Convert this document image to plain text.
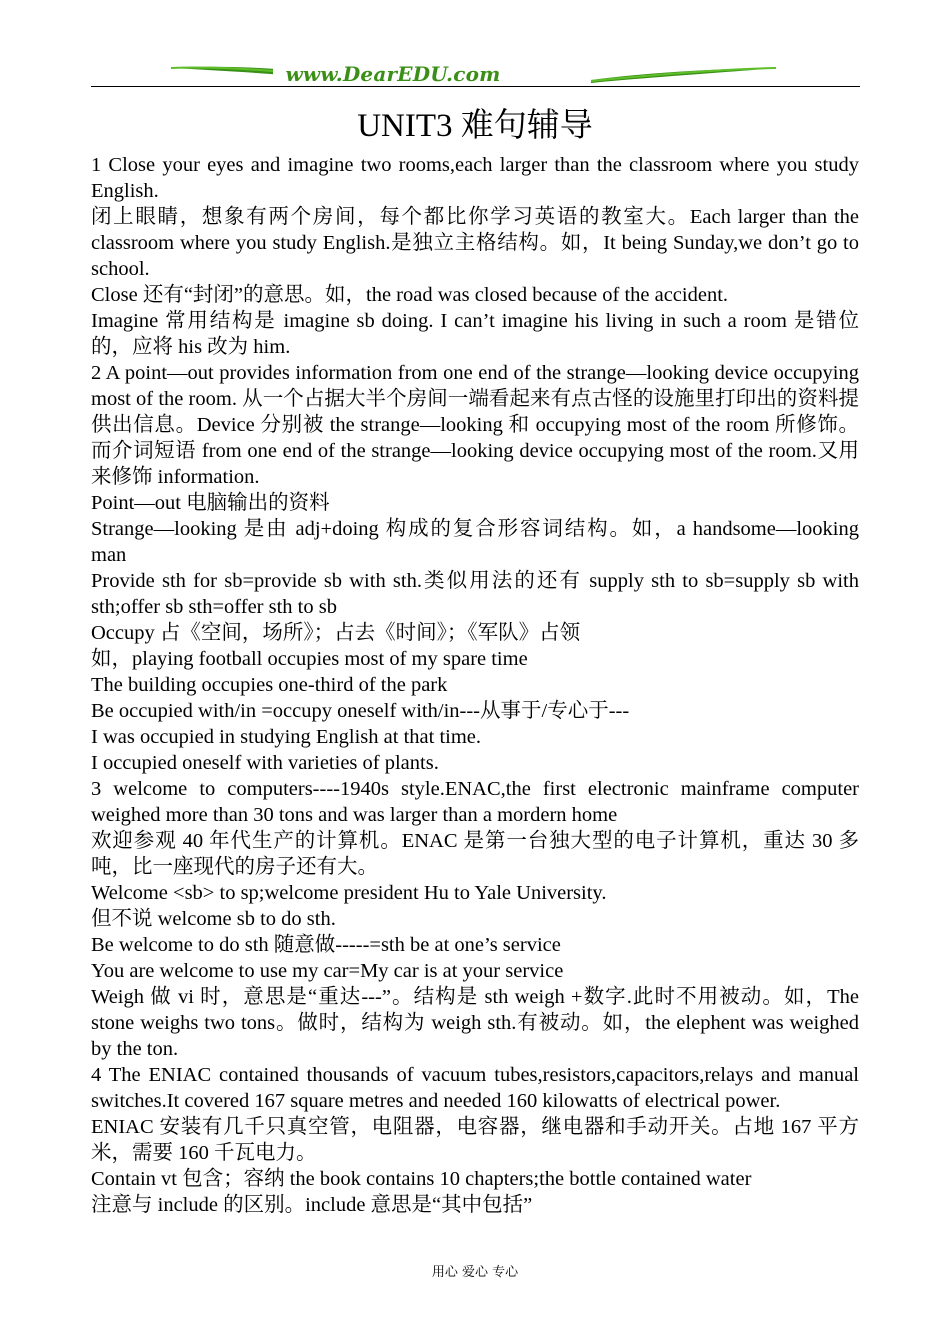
www.DearEDU.com
UNIT3 难句辅导

1 Close your eyes and imagine two rooms,each larger than the classroom where you study English.

闭上眼睛，想象有两个房间，每个都比你学习英语的教室大。Each larger than the classroom where you study English.是独立主格结构。如，It being Sunday,we don’t go to school.

Close 还有“封闭”的意思。如，the road was closed because of the accident.

Imagine 常用结构是 imagine sb doing. I can’t imagine his living in such a room 是错位的，应将 his 改为 him.

2 A point—out provides information from one end of the strange—looking device occupying most of the room. 从一个占据大半个房间一端看起来有点古怪的设施里打印出的资料提供出信息。Device 分别被 the strange—looking 和 occupying most of the room 所修饰。而介词短语 from one end of the strange—looking device occupying most of the room.又用来修饰 information.

Point—out 电脑输出的资料

Strange—looking 是由 adj+doing 构成的复合形容词结构。如，a handsome—looking man

Provide sth for sb=provide sb with sth.类似用法的还有 supply sth to sb=supply sb with sth;offer sb sth=offer sth to sb

Occupy 占《空间，场所》；占去《时间》；《军队》占领

如，playing football occupies most of my spare time

The building occupies one-third of the park

Be occupied with/in =occupy oneself with/in---从事于/专心于---

I was occupied in studying English at that time.

I occupied oneself with varieties of plants.

3 welcome to computers----1940s style.ENAC,the first electronic mainframe computer weighed more than 30 tons and was larger than a mordern home

欢迎参观 40 年代生产的计算机。ENAC 是第一台独大型的电子计算机，重达 30 多吨，比一座现代的房子还有大。

Welcome <sb> to sp;welcome president Hu to Yale University.

但不说 welcome sb to do sth.

Be welcome to do sth 随意做-----=sth be at one’s service

You are welcome to use my car=My car is at your service

Weigh 做 vi 时，意思是“重达---”。结构是 sth weigh +数字.此时不用被动。如，The stone weighs two tons。做时，结构为 weigh sth.有被动。如，the elephent was weighed by the ton.

4 The ENIAC contained thousands of vacuum tubes,resistors,capacitors,relays and manual switches.It covered 167 square metres and needed 160 kilowatts of electrical power.

ENIAC 安装有几千只真空管，电阻器，电容器，继电器和手动开关。占地 167 平方米，需要 160 千瓦电力。

Contain vt 包含；容纳 the book contains 10 chapters;the bottle contained water

注意与 include 的区别。include 意思是“其中包括”

用心 爱心 专心
